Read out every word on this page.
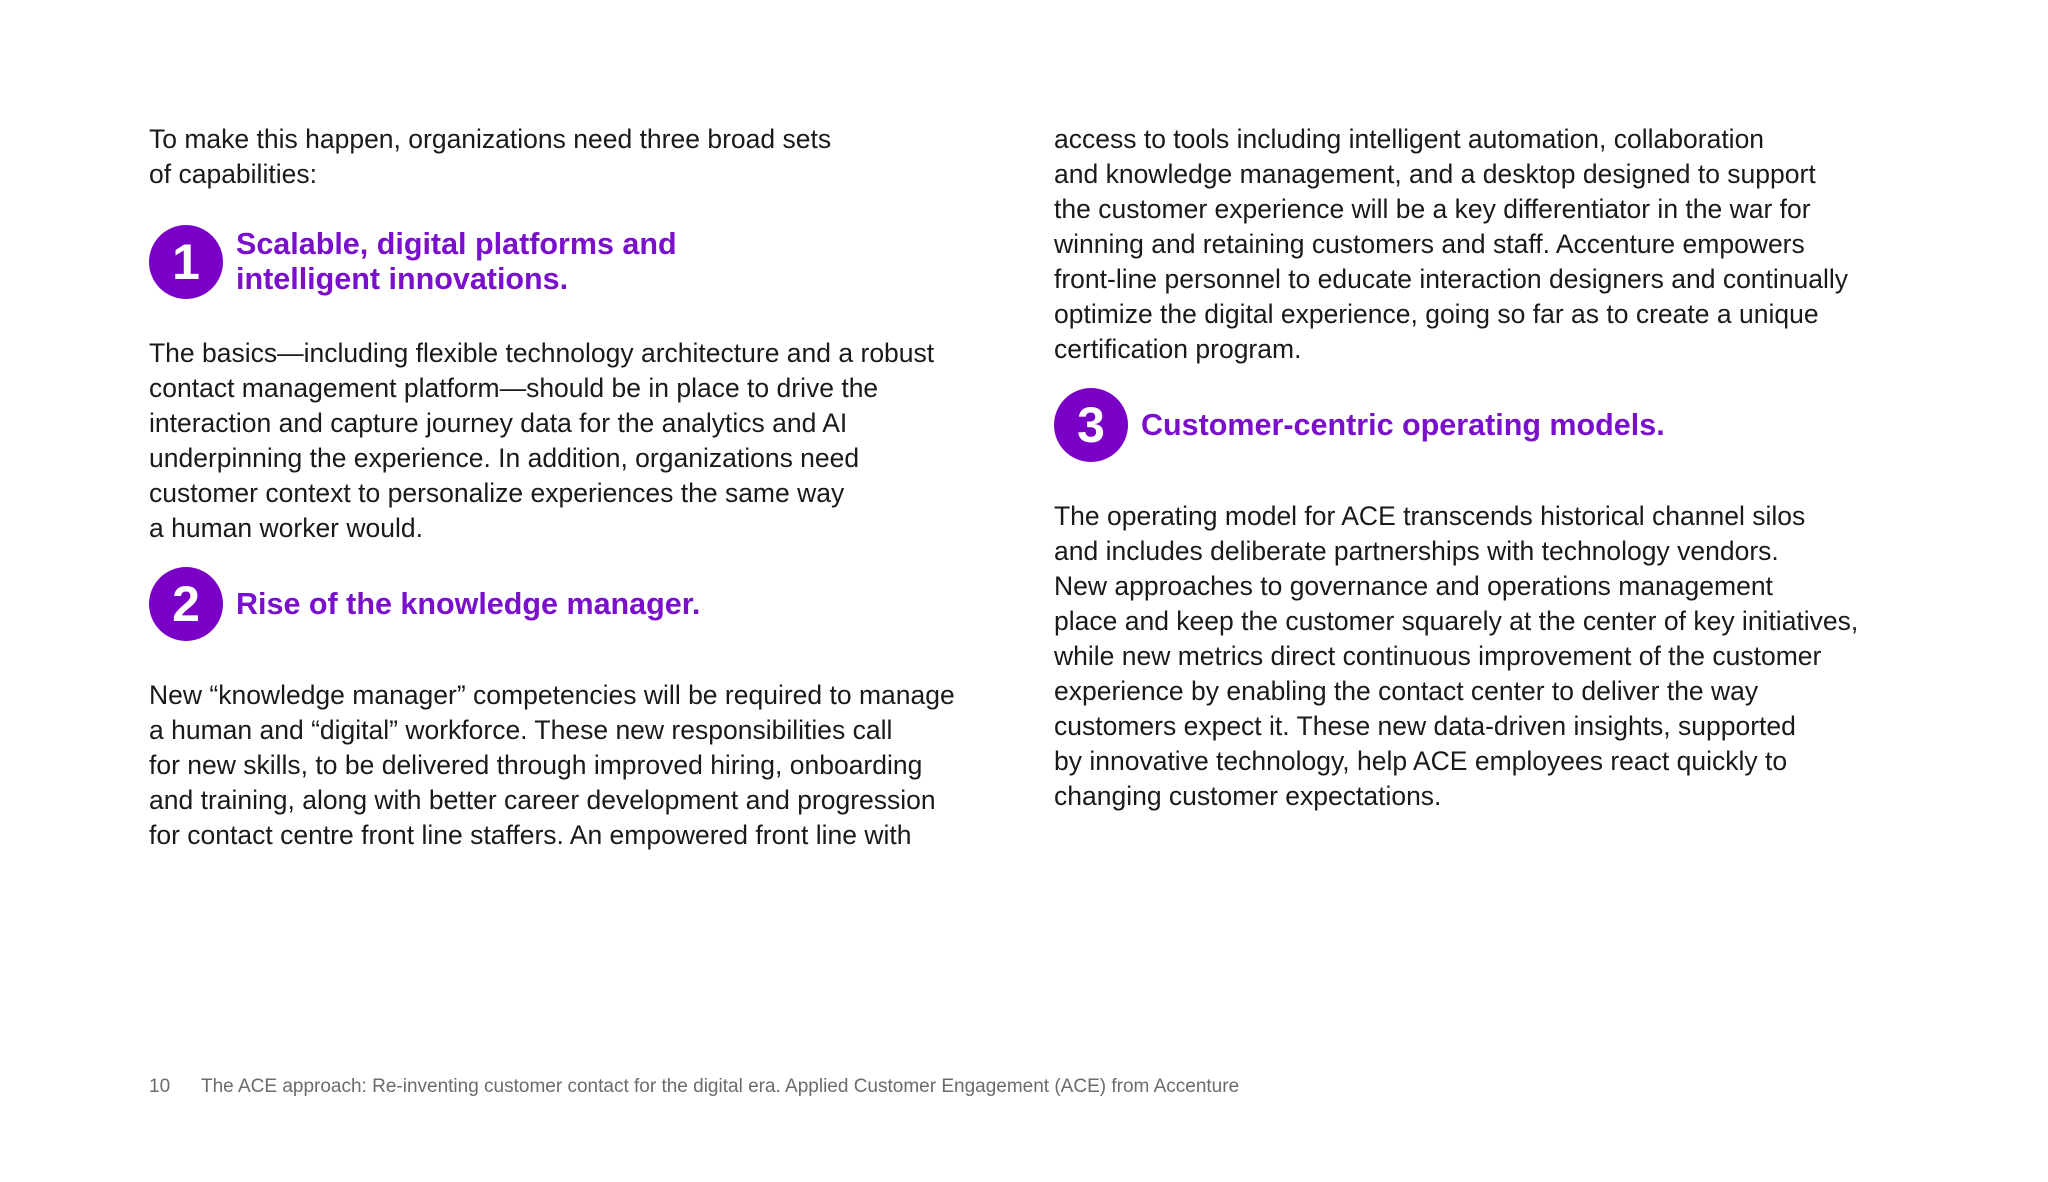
To make this happen, organizations need three broad sets
of capabilities:

1	Scalable, digital platforms and
intelligent innovations.

The basics—including flexible technology architecture and a robust
contact management platform—should be in place to drive the
interaction and capture journey data for the analytics and AI
underpinning the experience. In addition, organizations need
customer context to personalize experiences the same way
a human worker would.

2	Rise of the knowledge manager.

New “knowledge manager” competencies will be required to manage
a human and “digital” workforce. These new responsibilities call
for new skills, to be delivered through improved hiring, onboarding
and training, along with better career development and progression
for contact centre front line staffers. An empowered front line with

access to tools including intelligent automation, collaboration
and knowledge management, and a desktop designed to support
the customer experience will be a key differentiator in the war for
winning and retaining customers and staff. Accenture empowers
front-line personnel to educate interaction designers and continually
optimize the digital experience, going so far as to create a unique
certification program.

3	Customer-centric operating models.

The operating model for ACE transcends historical channel silos
and includes deliberate partnerships with technology vendors.
New approaches to governance and operations management
place and keep the customer squarely at the center of key initiatives,
while new metrics direct continuous improvement of the customer
experience by enabling the contact center to deliver the way
customers expect it. These new data-driven insights, supported
by innovative technology, help ACE employees react quickly to
changing customer expectations.

10 The ACE approach: Re-inventing customer contact for the digital era. Applied Customer Engagement (ACE) from Accenture
